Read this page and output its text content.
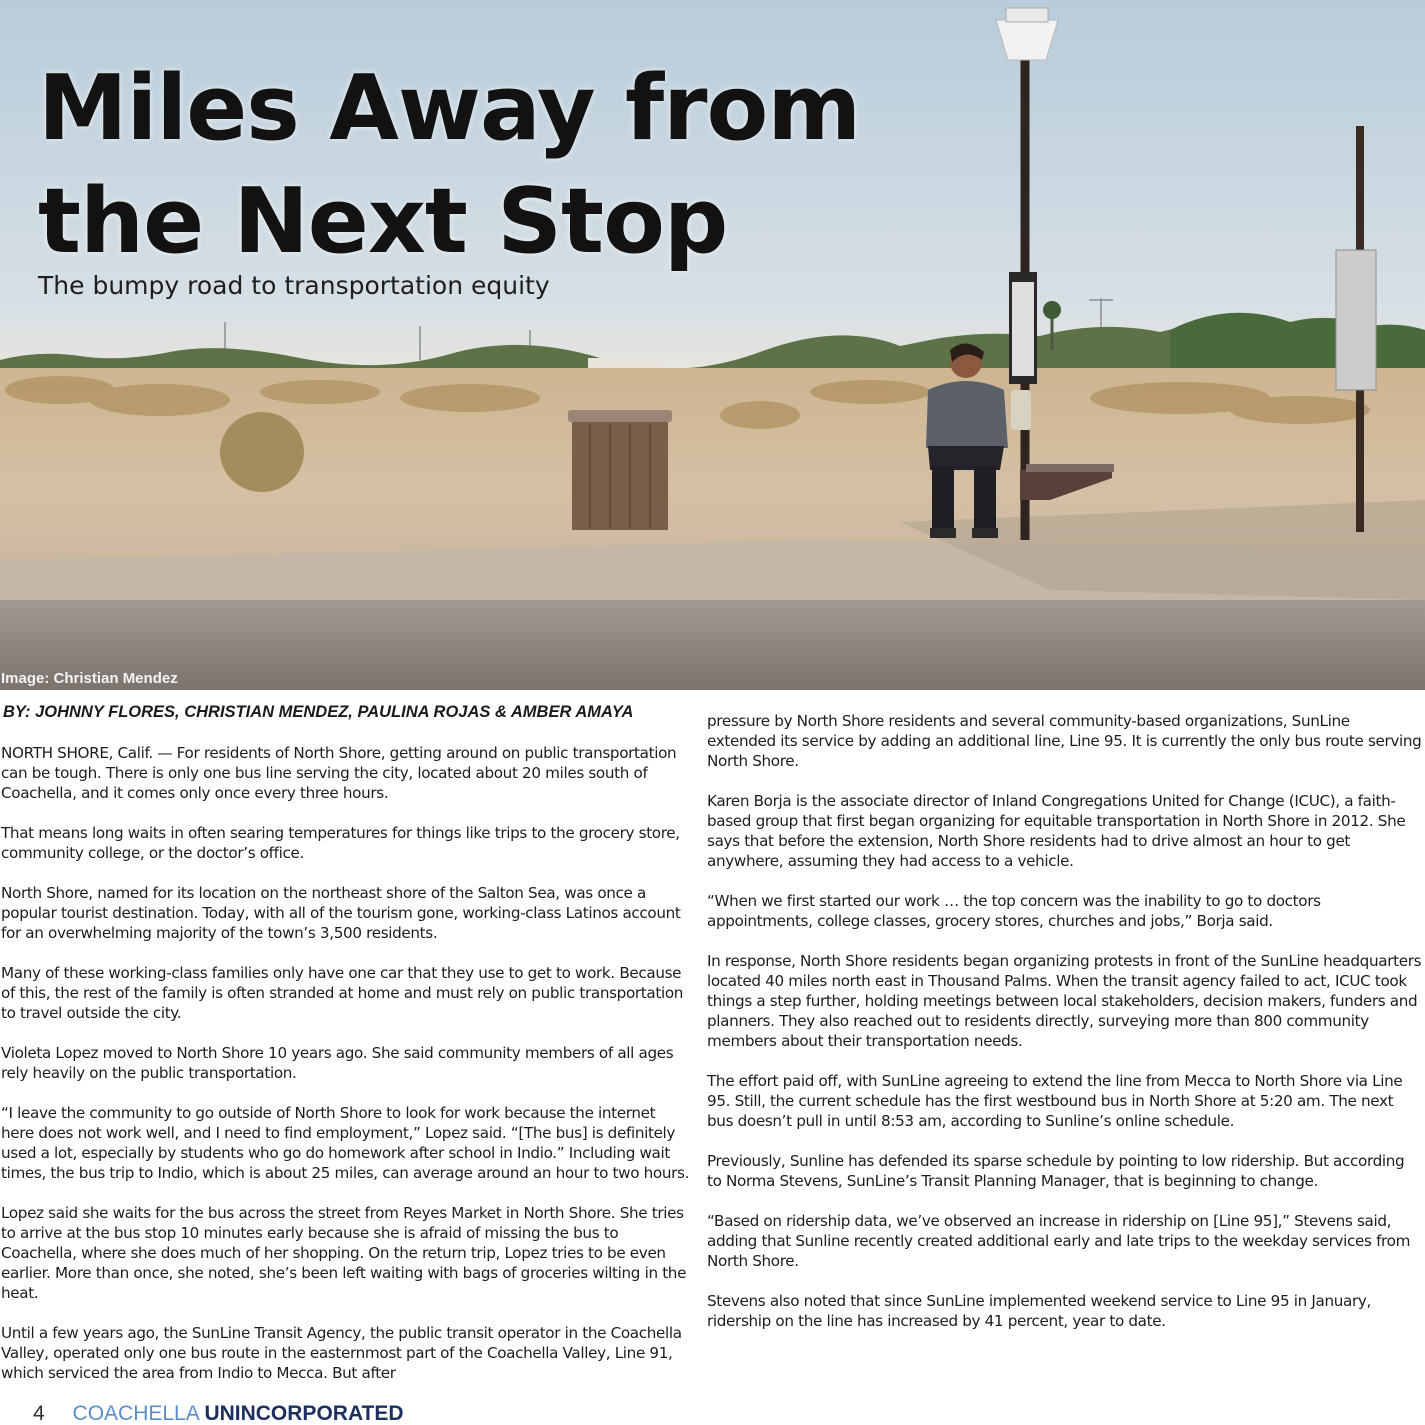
Miles Away from
the Next Stop
The bumpy road to transportation equity
Image: Christian Mendez
BY: JOHNNY FLORES, CHRISTIAN MENDEZ, PAULINA ROJAS & AMBER AMAYA

NORTH SHORE, Calif. — For residents of North Shore, getting around on public transportation can be tough. There is only one bus line serving the city, located about 20 miles south of Coachella, and it comes only once every three hours.

That means long waits in often searing temperatures for things like trips to the grocery store, community college, or the doctor’s office.

North Shore, named for its location on the northeast shore of the Salton Sea, was once a popular tourist destination. Today, with all of the tourism gone, working-class Latinos account for an overwhelming majority of the town’s 3,500 residents.

Many of these working-class families only have one car that they use to get to work. Because of this, the rest of the family is often stranded at home and must rely on public transportation to travel outside the city.

Violeta Lopez moved to North Shore 10 years ago. She said community members of all ages rely heavily on the public transportation.

“I leave the community to go outside of North Shore to look for work because the internet here does not work well, and I need to find employment,” Lopez said. “[The bus] is definitely used a lot, especially by students who go do homework after school in Indio.” Including wait times, the bus trip to Indio, which is about 25 miles, can average around an hour to two hours.

Lopez said she waits for the bus across the street from Reyes Market in North Shore. She tries to arrive at the bus stop 10 minutes early because she is afraid of missing the bus to Coachella, where she does much of her shopping. On the return trip, Lopez tries to be even earlier. More than once, she noted, she’s been left waiting with bags of groceries wilting in the heat.

Until a few years ago, the SunLine Transit Agency, the public transit operator in the Coachella Valley, operated only one bus route in the easternmost part of the Coachella Valley, Line 91, which serviced the area from Indio to Mecca. But after

pressure by North Shore residents and several community-based organizations, SunLine extended its service by adding an additional line, Line 95. It is currently the only bus route serving North Shore.

Karen Borja is the associate director of Inland Congregations United for Change (ICUC), a faith-based group that first began organizing for equitable transportation in North Shore in 2012. She says that before the extension, North Shore residents had to drive almost an hour to get anywhere, assuming they had access to a vehicle.

“When we first started our work … the top concern was the inability to go to doctors appointments, college classes, grocery stores, churches and jobs,” Borja said.

In response, North Shore residents began organizing protests in front of the SunLine headquarters located 40 miles north east in Thousand Palms. When the transit agency failed to act, ICUC took things a step further, holding meetings between local stakeholders, decision makers, funders and planners. They also reached out to residents directly, surveying more than 800 community members about their transportation needs.

The effort paid off, with SunLine agreeing to extend the line from Mecca to North Shore via Line 95. Still, the current schedule has the first westbound bus in North Shore at 5:20 am. The next bus doesn’t pull in until 8:53 am, according to Sunline’s online schedule.

Previously, Sunline has defended its sparse schedule by pointing to low ridership. But according to Norma Stevens, SunLine’s Transit Planning Manager, that is beginning to change.

“Based on ridership data, we’ve observed an increase in ridership on [Line 95],” Stevens said, adding that Sunline recently created additional early and late trips to the weekday services from North Shore.

Stevens also noted that since SunLine implemented weekend service to Line 95 in January, ridership on the line has increased by 41 percent, year to date.

4 COACHELLA UNINCORPORATED
